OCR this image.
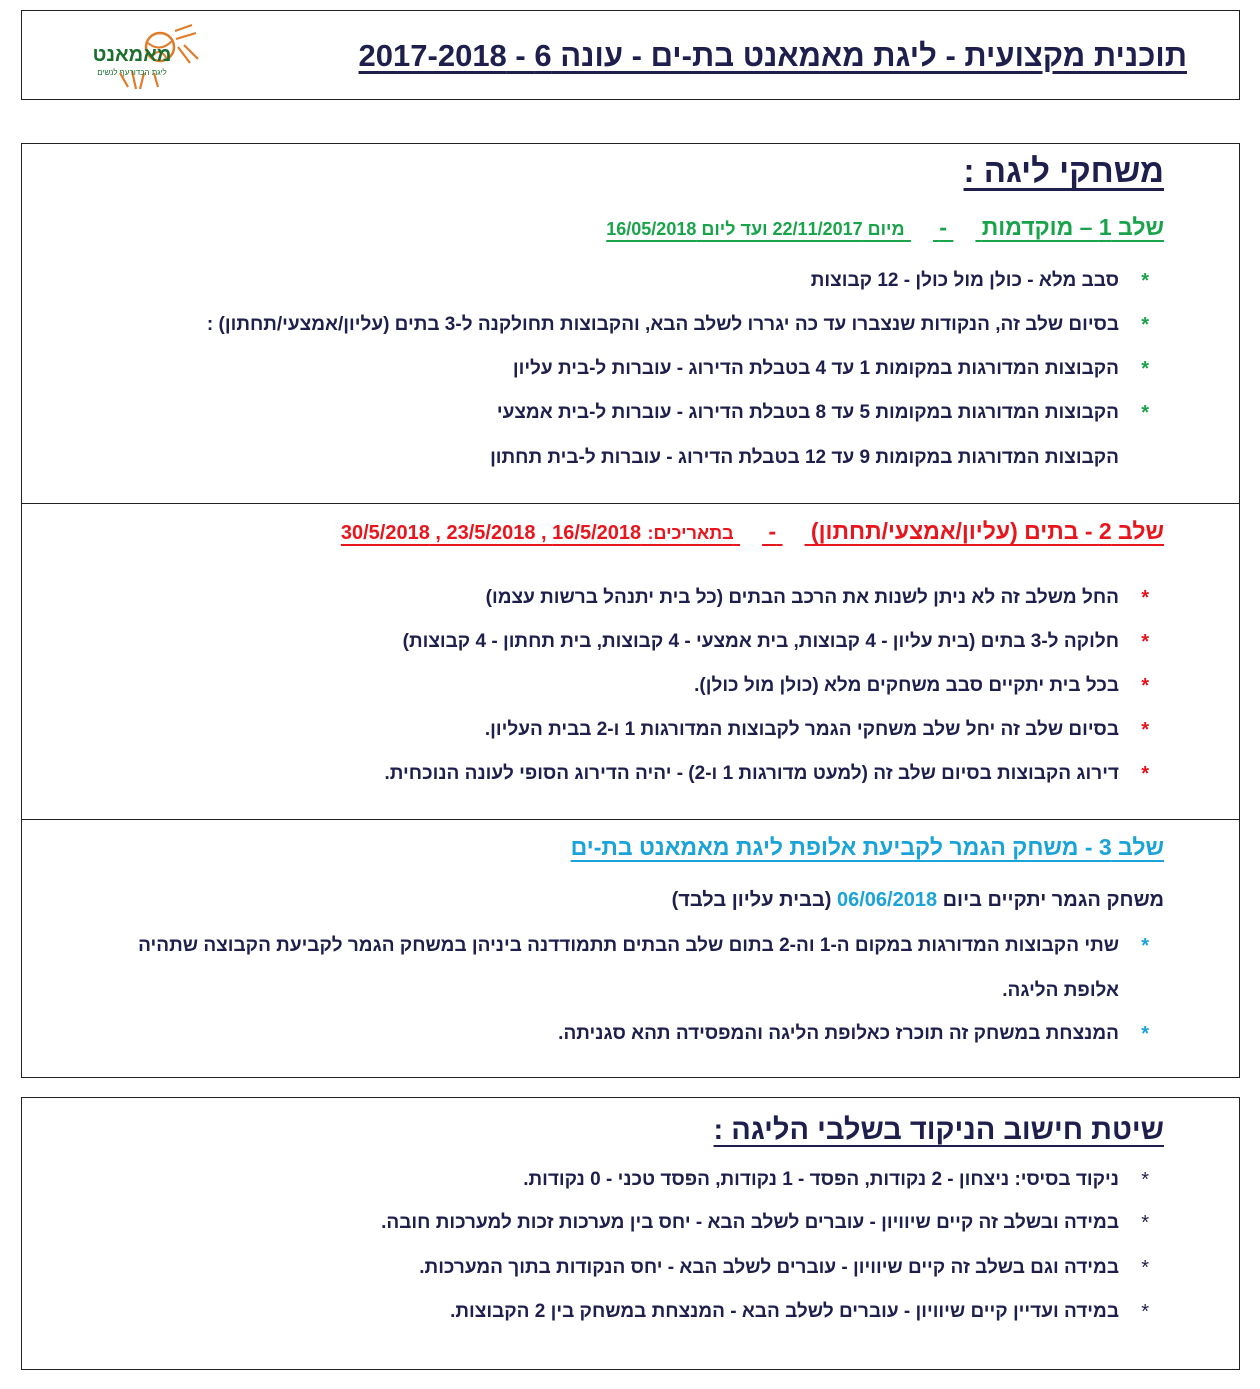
מאמאנט
ליגת הכדורעף לנשים	תוכנית מקצועית - ליגת מאמאנט בת-ים - עונה 6 - 2017-2018
משחקי ליגה :
שלב 1 – מוקדמות  -  מיום 22/11/2017 ועד ליום 16/05/2018
*
סבב מלא - כולן מול כולן - 12 קבוצות
*
בסיום שלב זה, הנקודות שנצברו עד כה יגררו לשלב הבא, והקבוצות תחולקנה ל-3 בתים (עליון/אמצעי/תחתון) :
*
הקבוצות המדורגות במקומות 1 עד 4 בטבלת הדירוג - עוברות ל-בית עליון
*
הקבוצות המדורגות במקומות 5 עד 8 בטבלת הדירוג - עוברות ל-בית אמצעי
הקבוצות המדורגות במקומות 9 עד 12 בטבלת הדירוג - עוברות ל-בית תחתון
שלב 2 - בתים (עליון/אמצעי/תחתון)  -  בתאריכים: 16/5/2018 , 23/5/2018 , 30/5/2018
*
החל משלב זה לא ניתן לשנות את הרכב הבתים (כל בית יתנהל ברשות עצמו)
*
חלוקה ל-3 בתים (בית עליון - 4 קבוצות, בית אמצעי - 4 קבוצות, בית תחתון - 4 קבוצות)
*
בכל בית יתקיים סבב משחקים מלא (כולן מול כולן).
*
בסיום שלב זה יחל שלב משחקי הגמר לקבוצות המדורגות 1 ו-2 בבית העליון.
*
דירוג הקבוצות בסיום שלב זה (למעט מדורגות 1 ו-2) - יהיה הדירוג הסופי לעונה הנוכחית.
שלב 3 - משחק הגמר לקביעת אלופת ליגת מאמאנט בת-ים
משחק הגמר יתקיים ביום 06/06/2018 (בבית עליון בלבד)
*
שתי הקבוצות המדורגות במקום ה-1 וה-2 בתום שלב הבתים תתמודדנה ביניהן במשחק הגמר לקביעת הקבוצה שתהיה
אלופת הליגה.
*
המנצחת במשחק זה תוכרז כאלופת הליגה והמפסידה תהא סגניתה.
שיטת חישוב הניקוד בשלבי הליגה :
*
ניקוד בסיסי: ניצחון - 2 נקודות, הפסד - 1 נקודות, הפסד טכני - 0 נקודות.
*
במידה ובשלב זה קיים שיוויון - עוברים לשלב הבא - יחס בין מערכות זכות למערכות חובה.
*
במידה וגם בשלב זה קיים שיוויון - עוברים לשלב הבא - יחס הנקודות בתוך המערכות.
*
במידה ועדיין קיים שיוויון - עוברים לשלב הבא - המנצחת במשחק בין 2 הקבוצות.
